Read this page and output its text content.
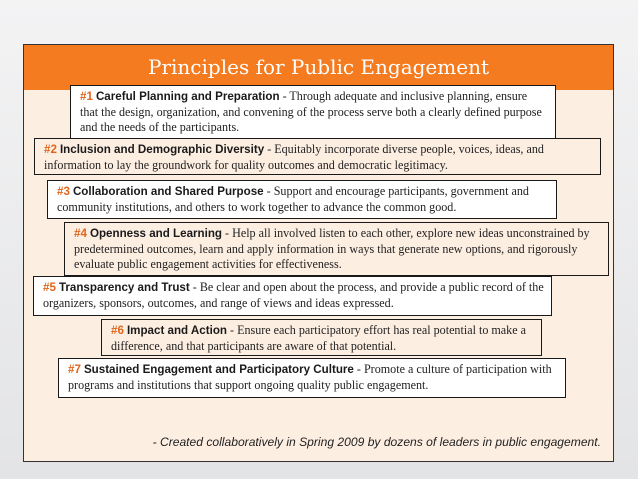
Principles for Public Engagement
#1 Careful Planning and Preparation - Through adequate and inclusive planning, ensure that the design, organization, and convening of the process serve both a clearly defined purpose and the needs of the participants.
#2 Inclusion and Demographic Diversity - Equitably incorporate diverse people, voices, ideas, and information to lay the groundwork for quality outcomes and democratic legitimacy.
#3 Collaboration and Shared Purpose - Support and encourage participants, government and community institutions, and others to work together to advance the common good.
#4 Openness and Learning - Help all involved listen to each other, explore new ideas unconstrained by predetermined outcomes, learn and apply information in ways that generate new options, and rigorously evaluate public engagement activities for effectiveness.
#5 Transparency and Trust - Be clear and open about the process, and provide a public record of the organizers, sponsors, outcomes, and range of views and ideas expressed.
#6 Impact and Action - Ensure each participatory effort has real potential to make a difference, and that participants are aware of that potential.
#7 Sustained Engagement and Participatory Culture - Promote a culture of participation with programs and institutions that support ongoing quality public engagement.
- Created collaboratively in Spring 2009 by dozens of leaders in public engagement.
